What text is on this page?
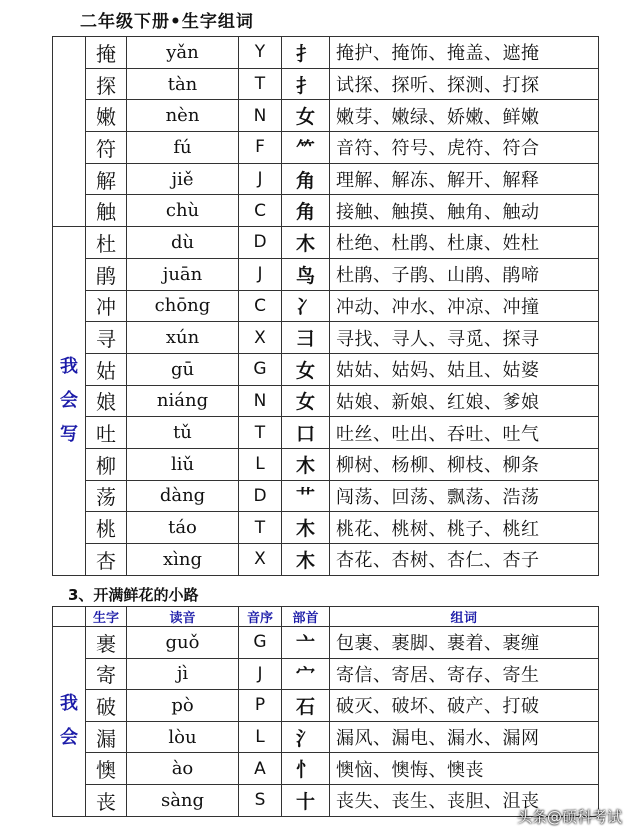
二年级下册•生字组词
	掩	yǎn	Y	扌	掩护、掩饰、掩盖、遮掩
	探	tàn	T	扌	试探、探听、探测、打探
	嫩	nèn	N	女	嫩芽、嫩绿、娇嫩、鲜嫩
	符	fú	F	⺮	音符、符号、虎符、符合
	解	jiě	J	角	理解、解冻、解开、解释
	触	chù	C	角	接触、触摸、触角、触动
我
会
写	杜	dù	D	木	杜绝、杜鹃、杜康、姓杜
	鹃	juān	J	鸟	杜鹃、子鹃、山鹃、鹃啼
	冲	chōng	C	冫	冲动、冲水、冲凉、冲撞
	寻	xún	X	彐	寻找、寻人、寻觅、探寻
	姑	gū	G	女	姑姑、姑妈、姑且、姑婆
	娘	niáng	N	女	姑娘、新娘、红娘、爹娘
	吐	tǔ	T	口	吐丝、吐出、吞吐、吐气
	柳	liǔ	L	木	柳树、杨柳、柳枝、柳条
	荡	dàng	D	艹	闯荡、回荡、飘荡、浩荡
	桃	táo	T	木	桃花、桃树、桃子、桃红
	杏	xìng	X	木	杏花、杏树、杏仁、杏子
3、开满鲜花的小路
	生字	读音	音序	部首	组词
我
会	裹	guǒ	G	亠	包裹、裹脚、裹着、裹缠
	寄	jì	J	宀	寄信、寄居、寄存、寄生
	破	pò	P	石	破灭、破坏、破产、打破
	漏	lòu	L	氵	漏风、漏电、漏水、漏网
	懊	ào	A	忄	懊恼、懊悔、懊丧
	丧	sàng	S	十	丧失、丧生、丧胆、沮丧
头条@硕科考试
